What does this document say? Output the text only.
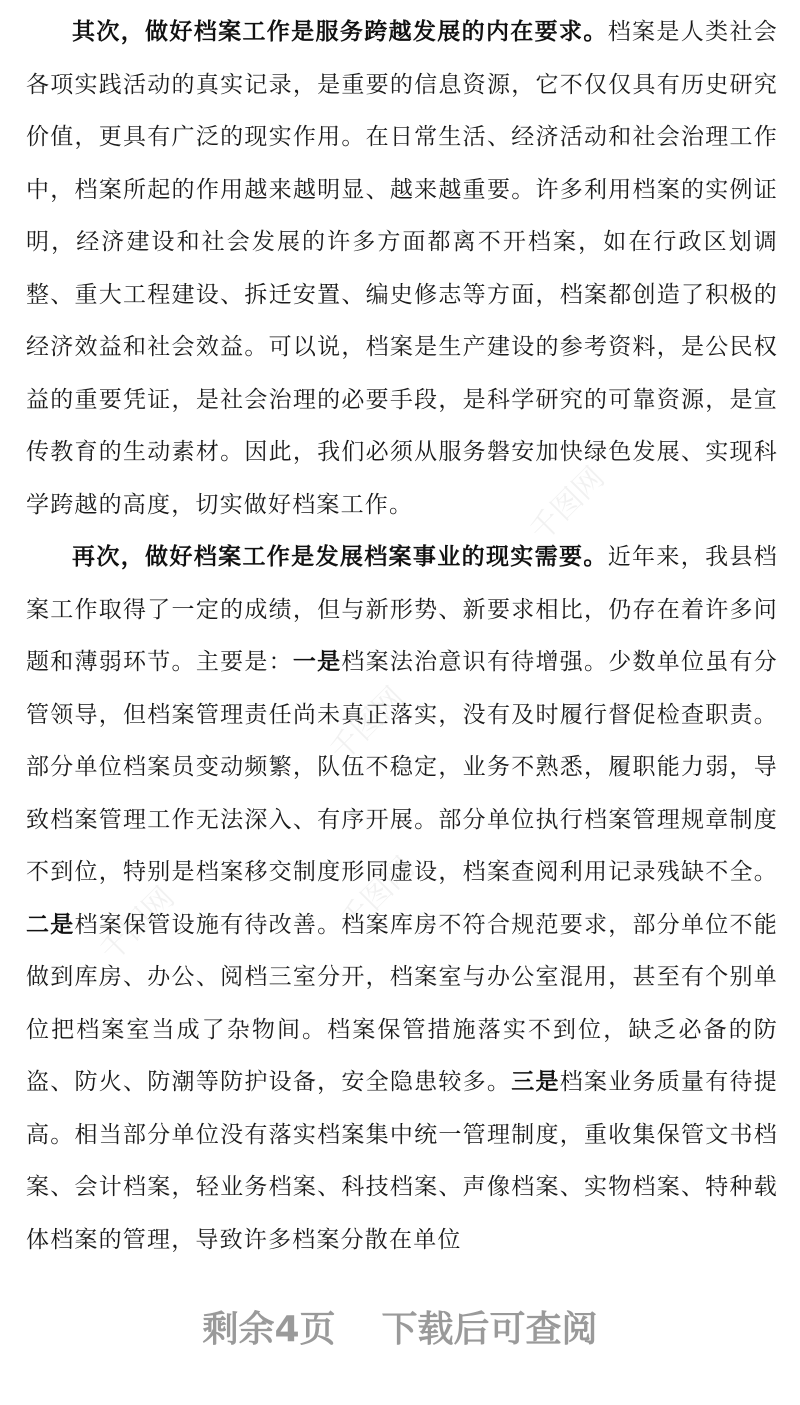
千图网
千图网
千图网	千图网

其次，做好档案工作是服务跨越发展的内在要求。档案是人类社会各项实践活动的真实记录，是重要的信息资源，它不仅仅具有历史研究价值，更具有广泛的现实作用。在日常生活、经济活动和社会治理工作中，档案所起的作用越来越明显、越来越重要。许多利用档案的实例证明，经济建设和社会发展的许多方面都离不开档案，如在行政区划调整、重大工程建设、拆迁安置、编史修志等方面，档案都创造了积极的经济效益和社会效益。可以说，档案是生产建设的参考资料，是公民权益的重要凭证，是社会治理的必要手段，是科学研究的可靠资源，是宣传教育的生动素材。因此，我们必须从服务磐安加快绿色发展、实现科学跨越的高度，切实做好档案工作。

再次，做好档案工作是发展档案事业的现实需要。近年来，我县档案工作取得了一定的成绩，但与新形势、新要求相比，仍存在着许多问题和薄弱环节。主要是：一是档案法治意识有待增强。少数单位虽有分管领导，但档案管理责任尚未真正落实，没有及时履行督促检查职责。部分单位档案员变动频繁，队伍不稳定，业务不熟悉，履职能力弱，导致档案管理工作无法深入、有序开展。部分单位执行档案管理规章制度不到位，特别是档案移交制度形同虚设，档案查阅利用记录残缺不全。二是档案保管设施有待改善。档案库房不符合规范要求，部分单位不能做到库房、办公、阅档三室分开，档案室与办公室混用，甚至有个别单位把档案室当成了杂物间。档案保管措施落实不到位，缺乏必备的防盗、防火、防潮等防护设备，安全隐患较多。三是档案业务质量有待提高。相当部分单位没有落实档案集中统一管理制度，重收集保管文书档案、会计档案，轻业务档案、科技档案、声像档案、实物档案、特种载体档案的管理，导致许多档案分散在单位

剩余4页 下载后可查阅
